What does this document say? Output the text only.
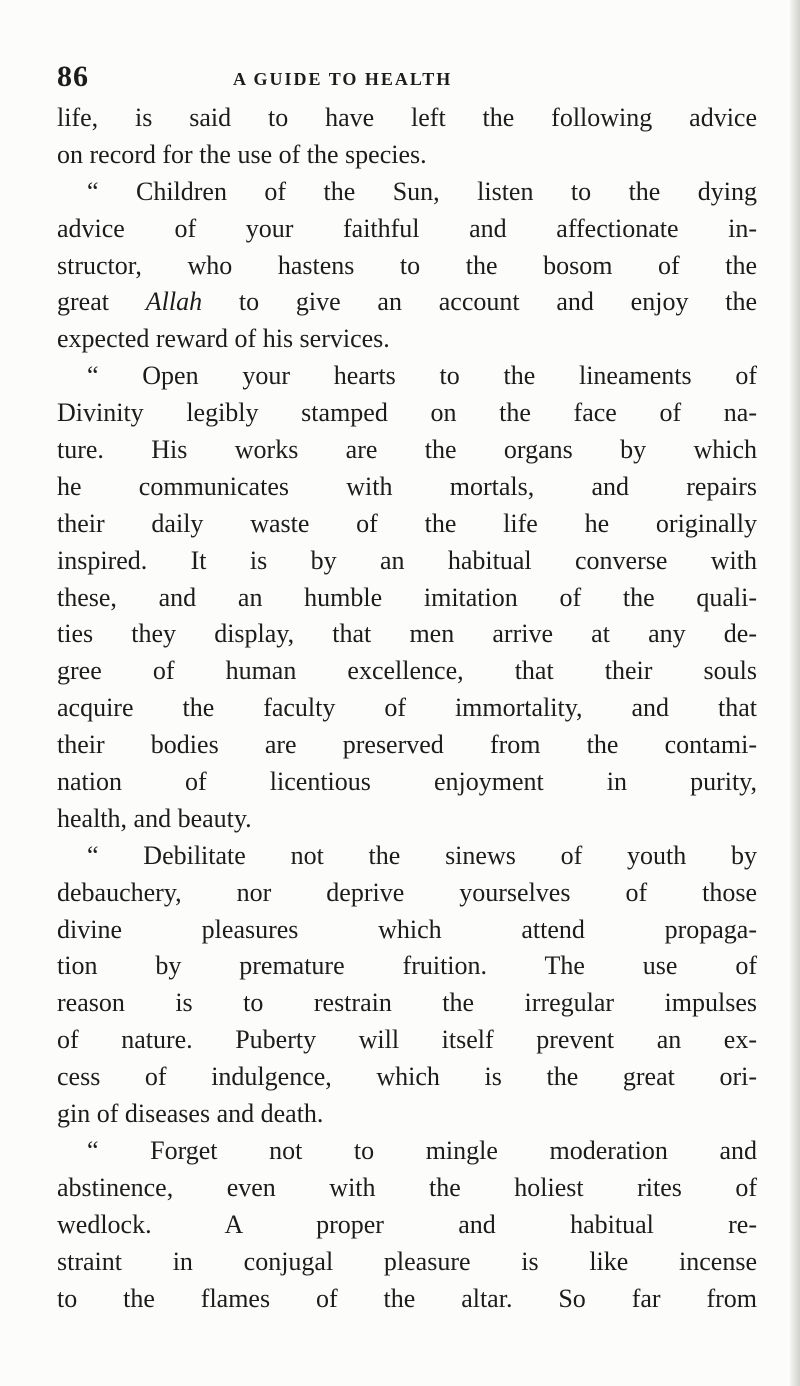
86	A GUIDE TO HEALTH
life, is said to have left the following advice
on record for the use of the species.
“ Children of the Sun, listen to the dying
advice of your faithful and affectionate in-
structor, who hastens to the bosom of the
great Allah to give an account and enjoy the
expected reward of his services.
“ Open your hearts to the lineaments of
Divinity legibly stamped on the face of na-
ture. His works are the organs by which
he communicates with mortals, and repairs
their daily waste of the life he originally
inspired. It is by an habitual converse with
these, and an humble imitation of the quali-
ties they display, that men arrive at any de-
gree of human excellence, that their souls
acquire the faculty of immortality, and that
their bodies are preserved from the contami-
nation of licentious enjoyment in purity,
health, and beauty.
“ Debilitate not the sinews of youth by
debauchery, nor deprive yourselves of those
divine pleasures which attend propaga-
tion by premature fruition. The use of
reason is to restrain the irregular impulses
of nature. Puberty will itself prevent an ex-
cess of indulgence, which is the great ori-
gin of diseases and death.
“ Forget not to mingle moderation and
abstinence, even with the holiest rites of
wedlock. A proper and habitual re-
straint in conjugal pleasure is like incense
to the flames of the altar. So far from
